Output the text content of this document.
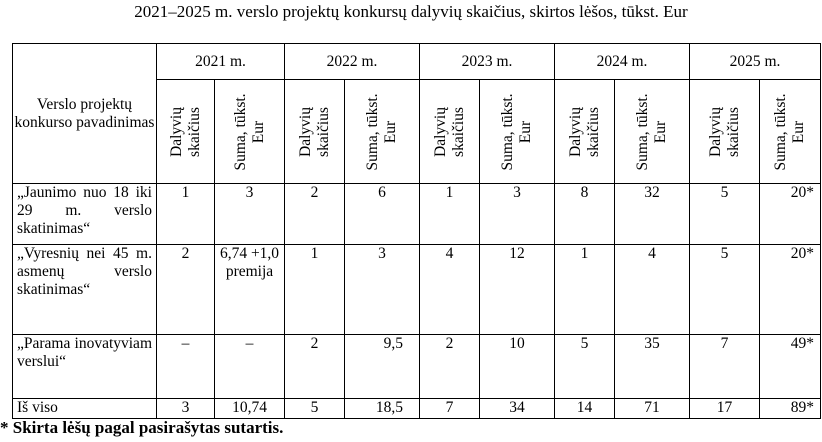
2021–2025 m. verslo projektų konkursų dalyvių skaičius, skirtos lėšos, tūkst. Eur
Verslo projektų konkurso pavadinimas	2021 m.		2022 m.		2023 m.		2024 m.		2025 m.	

	Dalyvių skaičius	Suma, tūkst. Eur	Dalyvių skaičius	Suma, tūkst. Eur	Dalyvių skaičius	Suma, tūkst. Eur	Dalyvių skaičius	Suma, tūkst. Eur	Dalyvių skaičius	Suma, tūkst. Eur

„Jaunimo nuo 18 iki 29 m. verslo skatinimas“	1	3	2	6	1	3	8	32	5	20*
„Vyresnių nei 45 m. asmenų verslo skatinimas“	2	6,74 +1,0 premija	1	3	4	12	1	4	5	20*
„Parama inovatyviam verslui“	–	–	2	9,5	2	10	5	35	7	49*
Iš viso	3	10,74	5	18,5	7	34	14	71	17	89*
* Skirta lėšų pagal pasirašytas sutartis.
